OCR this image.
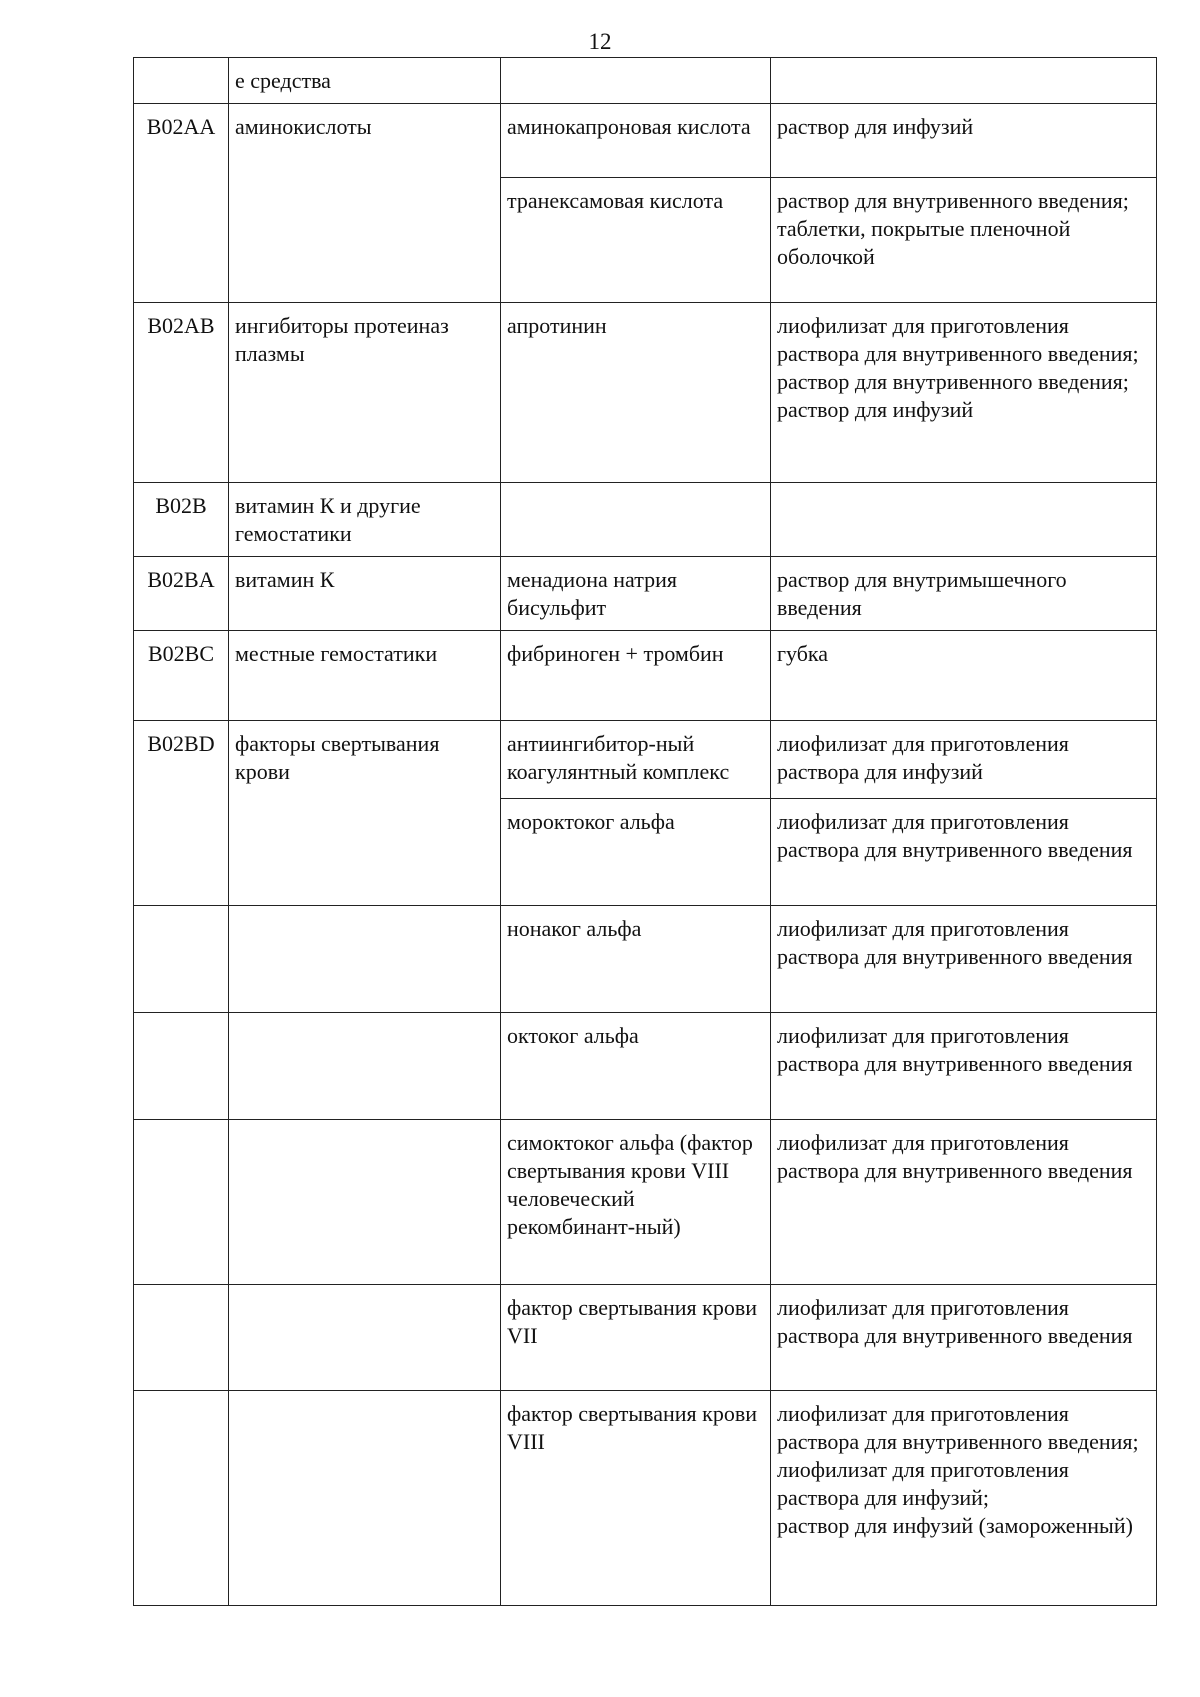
12
	е средства		
B02AA	аминокислоты	аминокапроновая кислота	раствор для инфузий

		транексамовая кислота	раствор для внутривенного введения;
таблетки, покрытые пленочной оболочкой

B02AB	ингибиторы протеиназ плазмы	апротинин	лиофилизат для приготовления раствора для внутривенного введения;
раствор для внутривенного введения;
раствор для инфузий

B02B	витамин К и другие гемостатики		
B02BA	витамин К	менадиона натрия бисульфит	раствор для внутримышечного введения

B02BC	местные гемостатики	фибриноген + тромбин	губка

B02BD	факторы свертывания крови	антиингибитор-ный коагулянтный комплекс	лиофилизат для приготовления раствора для инфузий

		мороктоког альфа	лиофилизат для приготовления раствора для внутривенного введения

		нонаког альфа	лиофилизат для приготовления раствора для внутривенного введения

		октоког альфа	лиофилизат для приготовления раствора для внутривенного введения

		симоктоког альфа (фактор свертывания крови VIII человеческий рекомбинант-ный)	лиофилизат для приготовления раствора для внутривенного введения

		фактор свертывания крови VII	лиофилизат для приготовления раствора для внутривенного введения

		фактор свертывания крови VIII	лиофилизат для приготовления раствора для внутривенного введения;
лиофилизат для приготовления раствора для инфузий;
раствор для инфузий (замороженный)
